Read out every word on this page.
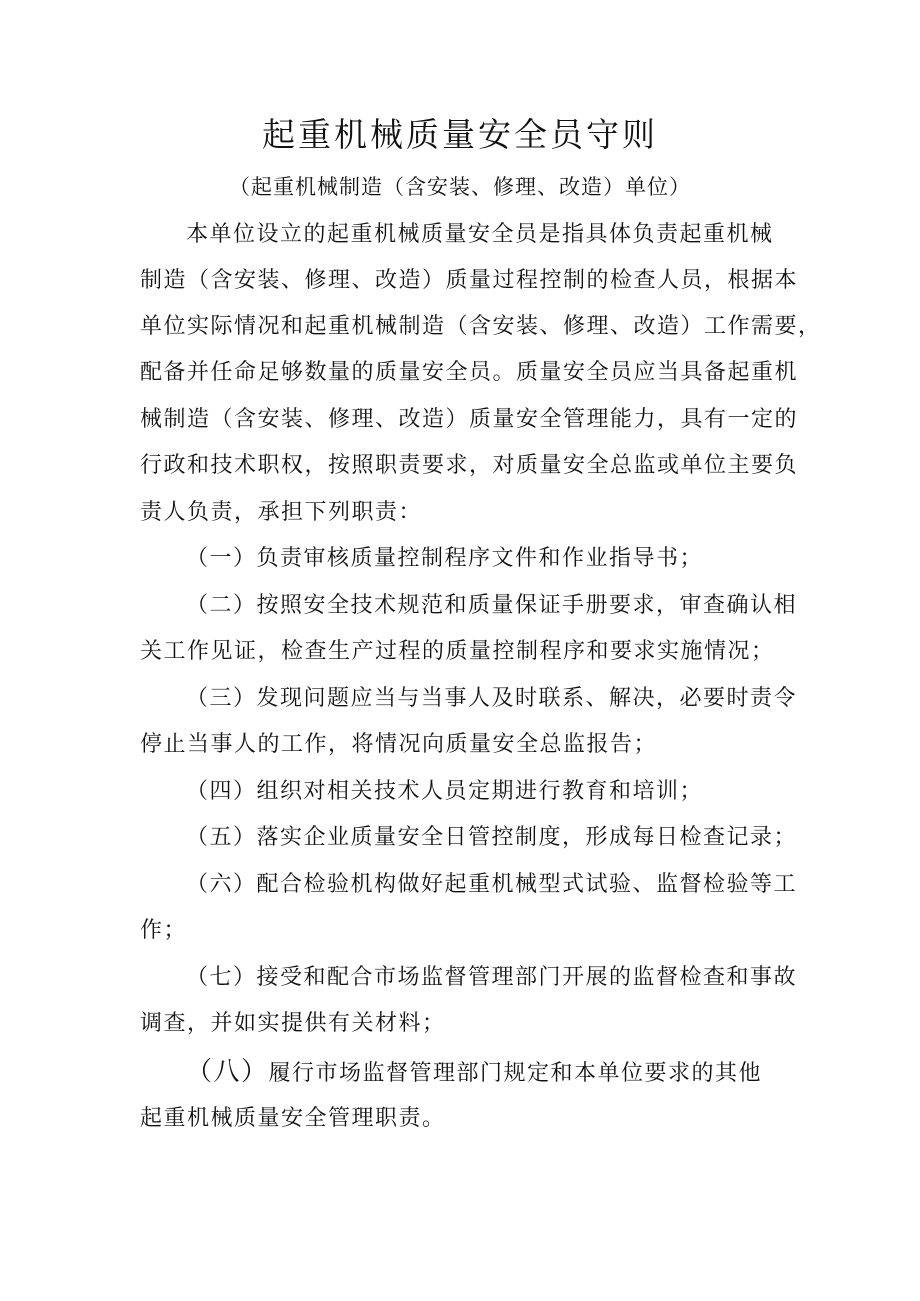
起重机械质量安全员守则
（起重机械制造（含安装、修理、改造）单位）
本单位设立的起重机械质量安全员是指具体负责起重机械
制造（含安装、修理、改造）质量过程控制的检查人员，根据本
单位实际情况和起重机械制造（含安装、修理、改造）工作需要，
配备并任命足够数量的质量安全员。质量安全员应当具备起重机
械制造（含安装、修理、改造）质量安全管理能力，具有一定的
行政和技术职权，按照职责要求，对质量安全总监或单位主要负
责人负责，承担下列职责：
（一）负责审核质量控制程序文件和作业指导书；
（二）按照安全技术规范和质量保证手册要求，审查确认相
关工作见证，检查生产过程的质量控制程序和要求实施情况；
（三）发现问题应当与当事人及时联系、解决，必要时责令
停止当事人的工作，将情况向质量安全总监报告；
（四）组织对相关技术人员定期进行教育和培训；
（五）落实企业质量安全日管控制度，形成每日检查记录；
（六）配合检验机构做好起重机械型式试验、监督检验等工
作；
（七）接受和配合市场监督管理部门开展的监督检查和事故
调查，并如实提供有关材料；
（八）履行市场监督管理部门规定和本单位要求的其他
起重机械质量安全管理职责。
